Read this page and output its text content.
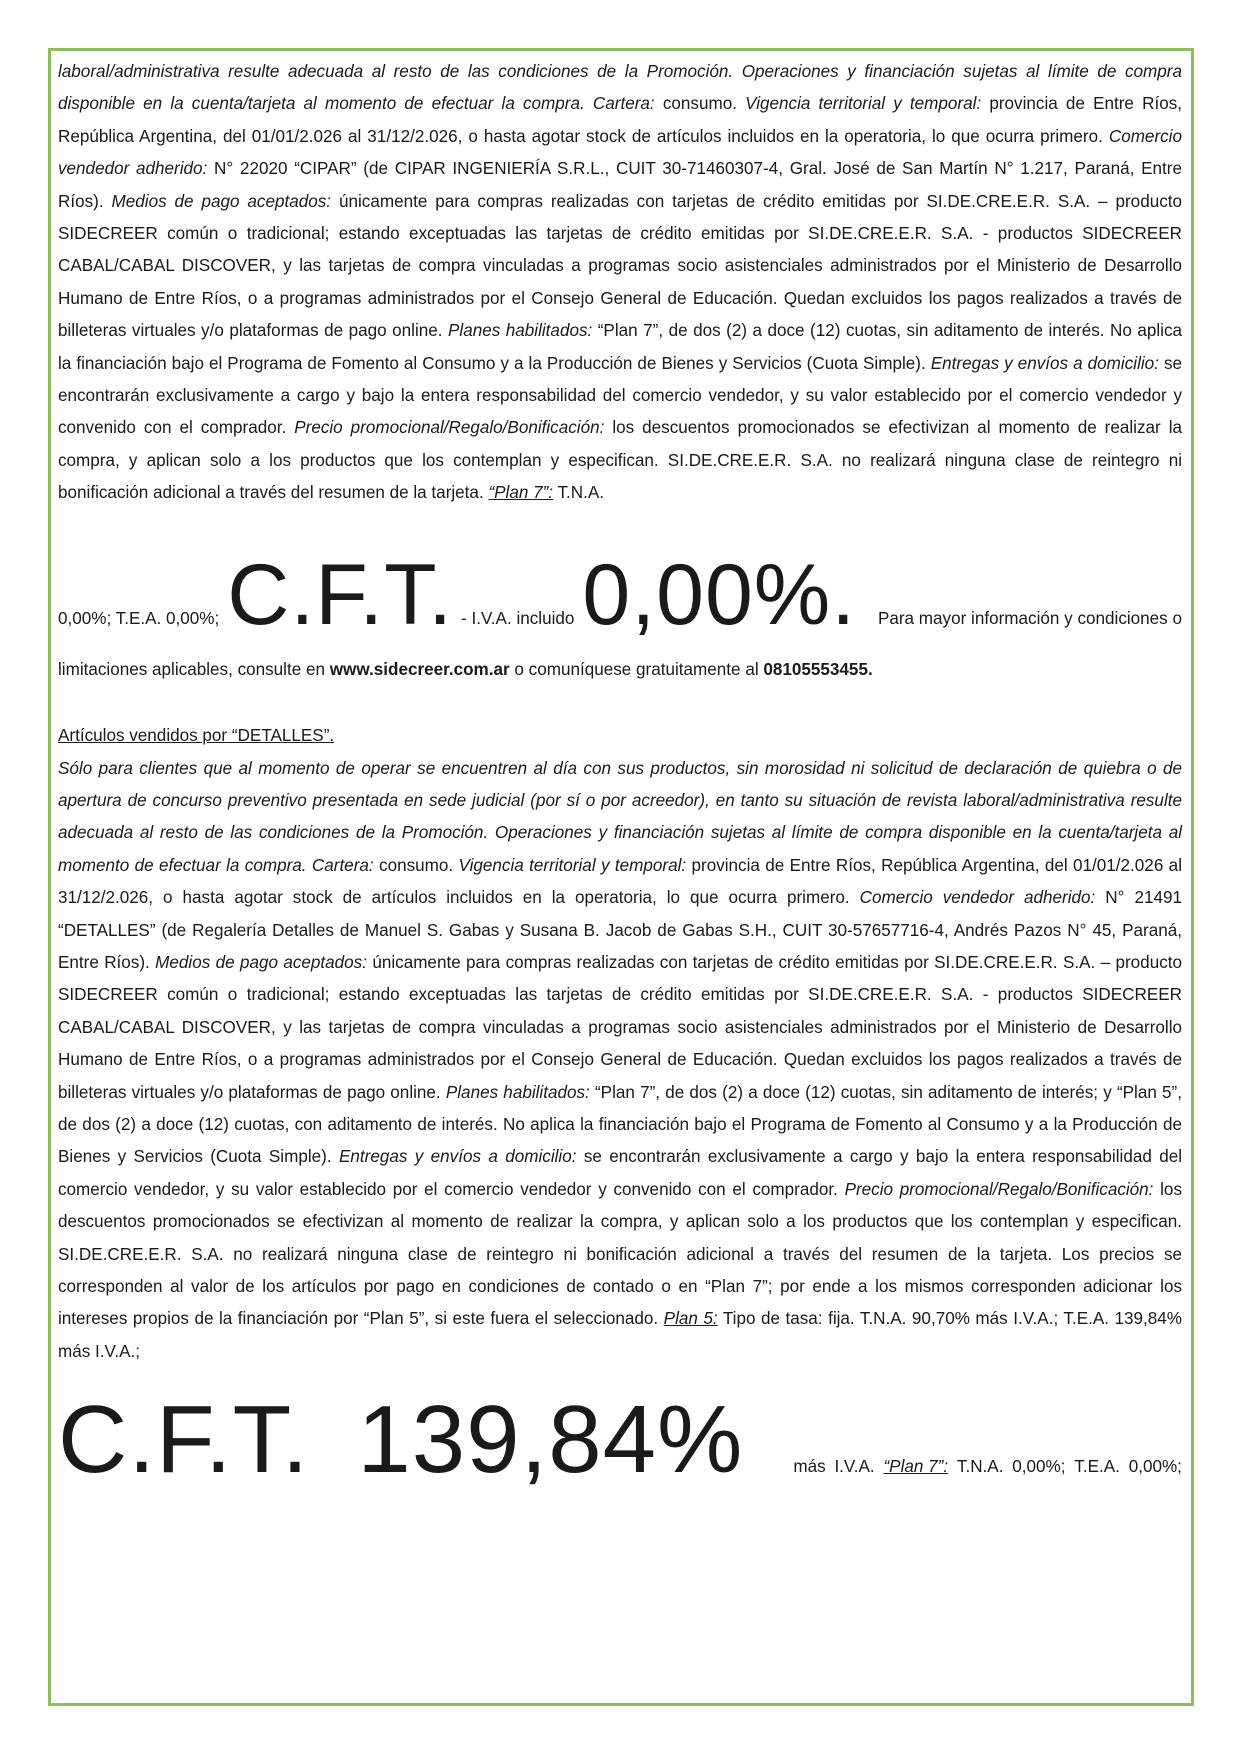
laboral/administrativa resulte adecuada al resto de las condiciones de la Promoción. Operaciones y financiación sujetas al límite de compra disponible en la cuenta/tarjeta al momento de efectuar la compra. Cartera: consumo. Vigencia territorial y temporal: provincia de Entre Ríos, República Argentina, del 01/01/2.026 al 31/12/2.026, o hasta agotar stock de artículos incluidos en la operatoria, lo que ocurra primero. Comercio vendedor adherido: N° 22020 “CIPAR” (de CIPAR INGENIERÍA S.R.L., CUIT 30-71460307-4, Gral. José de San Martín N° 1.217, Paraná, Entre Ríos). Medios de pago aceptados: únicamente para compras realizadas con tarjetas de crédito emitidas por SI.DE.CRE.E.R. S.A. – producto SIDECREER común o tradicional; estando exceptuadas las tarjetas de crédito emitidas por SI.DE.CRE.E.R. S.A. - productos SIDECREER CABAL/CABAL DISCOVER, y las tarjetas de compra vinculadas a programas socio asistenciales administrados por el Ministerio de Desarrollo Humano de Entre Ríos, o a programas administrados por el Consejo General de Educación. Quedan excluidos los pagos realizados a través de billeteras virtuales y/o plataformas de pago online. Planes habilitados: “Plan 7”, de dos (2) a doce (12) cuotas, sin aditamento de interés. No aplica la financiación bajo el Programa de Fomento al Consumo y a la Producción de Bienes y Servicios (Cuota Simple). Entregas y envíos a domicilio: se encontrarán exclusivamente a cargo y bajo la entera responsabilidad del comercio vendedor, y su valor establecido por el comercio vendedor y convenido con el comprador. Precio promocional/Regalo/Bonificación: los descuentos promocionados se efectivizan al momento de realizar la compra, y aplican solo a los productos que los contemplan y especifican. SI.DE.CRE.E.R. S.A. no realizará ninguna clase de reintegro ni bonificación adicional a través del resumen de la tarjeta. “Plan 7”: T.N.A.

0,00%; T.E.A. 0,00%; C.F.T. - I.V.A. incluido 0,00%. Para mayor información y condiciones o

limitaciones aplicables, consulte en www.sidecreer.com.ar o comuníquese gratuitamente al 08105553455.

Artículos vendidos por “DETALLES”.

Sólo para clientes que al momento de operar se encuentren al día con sus productos, sin morosidad ni solicitud de declaración de quiebra o de apertura de concurso preventivo presentada en sede judicial (por sí o por acreedor), en tanto su situación de revista laboral/administrativa resulte adecuada al resto de las condiciones de la Promoción. Operaciones y financiación sujetas al límite de compra disponible en la cuenta/tarjeta al momento de efectuar la compra. Cartera: consumo. Vigencia territorial y temporal: provincia de Entre Ríos, República Argentina, del 01/01/2.026 al 31/12/2.026, o hasta agotar stock de artículos incluidos en la operatoria, lo que ocurra primero. Comercio vendedor adherido: N° 21491 “DETALLES” (de Regalería Detalles de Manuel S. Gabas y Susana B. Jacob de Gabas S.H., CUIT 30-57657716-4, Andrés Pazos N° 45, Paraná, Entre Ríos). Medios de pago aceptados: únicamente para compras realizadas con tarjetas de crédito emitidas por SI.DE.CRE.E.R. S.A. – producto SIDECREER común o tradicional; estando exceptuadas las tarjetas de crédito emitidas por SI.DE.CRE.E.R. S.A. - productos SIDECREER CABAL/CABAL DISCOVER, y las tarjetas de compra vinculadas a programas socio asistenciales administrados por el Ministerio de Desarrollo Humano de Entre Ríos, o a programas administrados por el Consejo General de Educación. Quedan excluidos los pagos realizados a través de billeteras virtuales y/o plataformas de pago online. Planes habilitados: “Plan 7”, de dos (2) a doce (12) cuotas, sin aditamento de interés; y “Plan 5”, de dos (2) a doce (12) cuotas, con aditamento de interés. No aplica la financiación bajo el Programa de Fomento al Consumo y a la Producción de Bienes y Servicios (Cuota Simple). Entregas y envíos a domicilio: se encontrarán exclusivamente a cargo y bajo la entera responsabilidad del comercio vendedor, y su valor establecido por el comercio vendedor y convenido con el comprador. Precio promocional/Regalo/Bonificación: los descuentos promocionados se efectivizan al momento de realizar la compra, y aplican solo a los productos que los contemplan y especifican. SI.DE.CRE.E.R. S.A. no realizará ninguna clase de reintegro ni bonificación adicional a través del resumen de la tarjeta. Los precios se corresponden al valor de los artículos por pago en condiciones de contado o en “Plan 7”; por ende a los mismos corresponden adicionar los intereses propios de la financiación por “Plan 5”, si este fuera el seleccionado. Plan 5: Tipo de tasa: fija. T.N.A. 90,70% más I.V.A.; T.E.A. 139,84% más I.V.A.;

C.F.T. 139,84%	más I.V.A. “Plan 7”: T.N.A. 0,00%; T.E.A. 0,00%;
